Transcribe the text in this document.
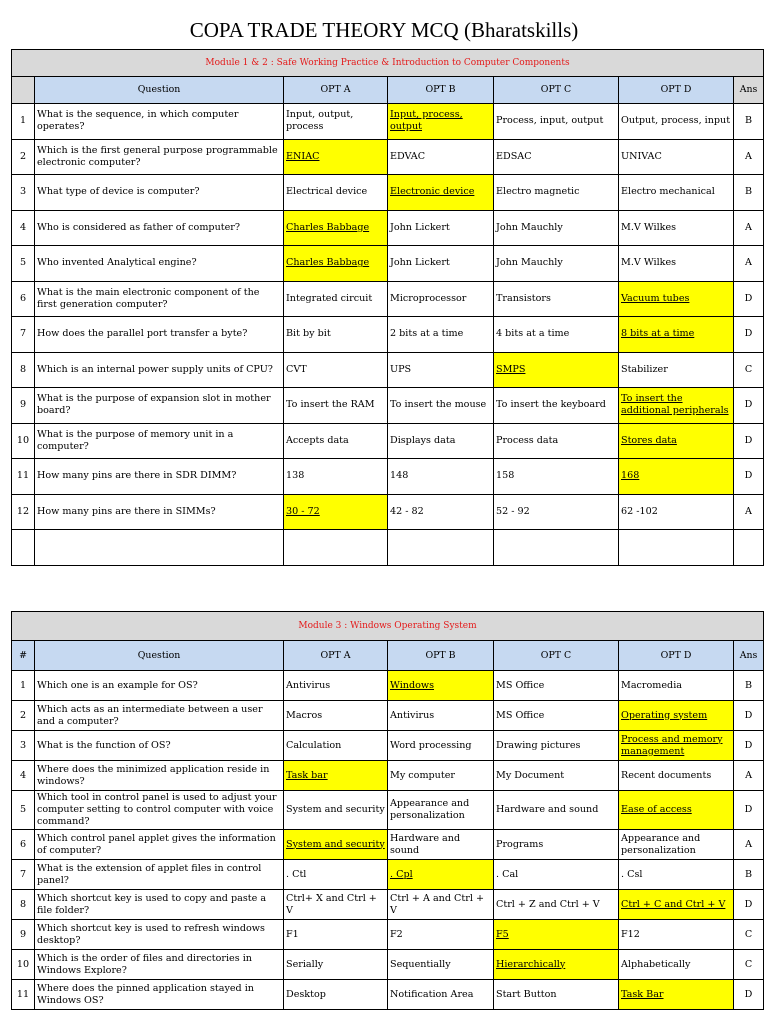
COPA TRADE THEORY MCQ (Bharatskills)
Module 1 & 2 : Safe Working Practice & Introduction to Computer Components						
	Question	OPT A	OPT B	OPT C	OPT D	Ans
1	What is the sequence, in which computer operates?	Input, output, process	Input, process, output	Process, input, output	Output, process, input	B
2	Which is the first general purpose programmable electronic computer?	ENIAC	EDVAC	EDSAC	UNIVAC	A
3	What type of device is computer?	Electrical device	Electronic device	Electro magnetic	Electro mechanical	B
4	Who is considered as father of computer?	Charles Babbage	John Lickert	John Mauchly	M.V Wilkes	A
5	Who invented Analytical engine?	Charles Babbage	John Lickert	John Mauchly	M.V Wilkes	A
6	What is the main electronic component of the first generation computer?	Integrated circuit	Microprocessor	Transistors	Vacuum tubes	D
7	How does the parallel port transfer a byte?	Bit by bit	2 bits at a time	4 bits at a time	8 bits at a time	D
8	Which is an internal power supply units of CPU?	CVT	UPS	SMPS	Stabilizer	C
9	What is the purpose of expansion slot in mother board?	To insert the RAM	To insert the mouse	To insert the keyboard	To insert the additional peripherals	D
10	What is the purpose of memory unit in a computer?	Accepts data	Displays data	Process data	Stores data	D
11	How many pins are there in SDR DIMM?	138	148	158	168	D
12	How many pins are there in SIMMs?	30 - 72	42 - 82	52 - 92	62 -102	A

Module 3 : Windows Operating System						
#	Question	OPT A	OPT B	OPT C	OPT D	Ans
1	Which one is an example for OS?	Antivirus	Windows	MS Office	Macromedia	B
2	Which acts as an intermediate between a user and a computer?	Macros	Antivirus	MS Office	Operating system	D
3	What is the function of OS?	Calculation	Word processing	Drawing pictures	Process and memory management	D
4	Where does the minimized application reside in windows?	Task bar	My computer	My Document	Recent documents	A
5	Which tool in control panel is used to adjust your computer setting to control computer with voice command?	System and security	Appearance and personalization	Hardware and sound	Ease of access	D
6	Which control panel applet gives the information of computer?	System and security	Hardware and sound	Programs	Appearance and personalization	A
7	What is the extension of applet files in control panel?	. Ctl	. Cpl	. Cal	. Csl	B
8	Which shortcut key is used to copy and paste a file folder?	Ctrl+ X and Ctrl + V	Ctrl + A and Ctrl + V	Ctrl + Z and Ctrl + V	Ctrl + C and Ctrl + V	D
9	Which shortcut key is used to refresh windows desktop?	F1	F2	F5	F12	C
10	Which is the order of files and directories in Windows Explore?	Serially	Sequentially	Hierarchically	Alphabetically	C
11	Where does the pinned application stayed in Windows OS?	Desktop	Notification Area	Start Button	Task Bar	D
